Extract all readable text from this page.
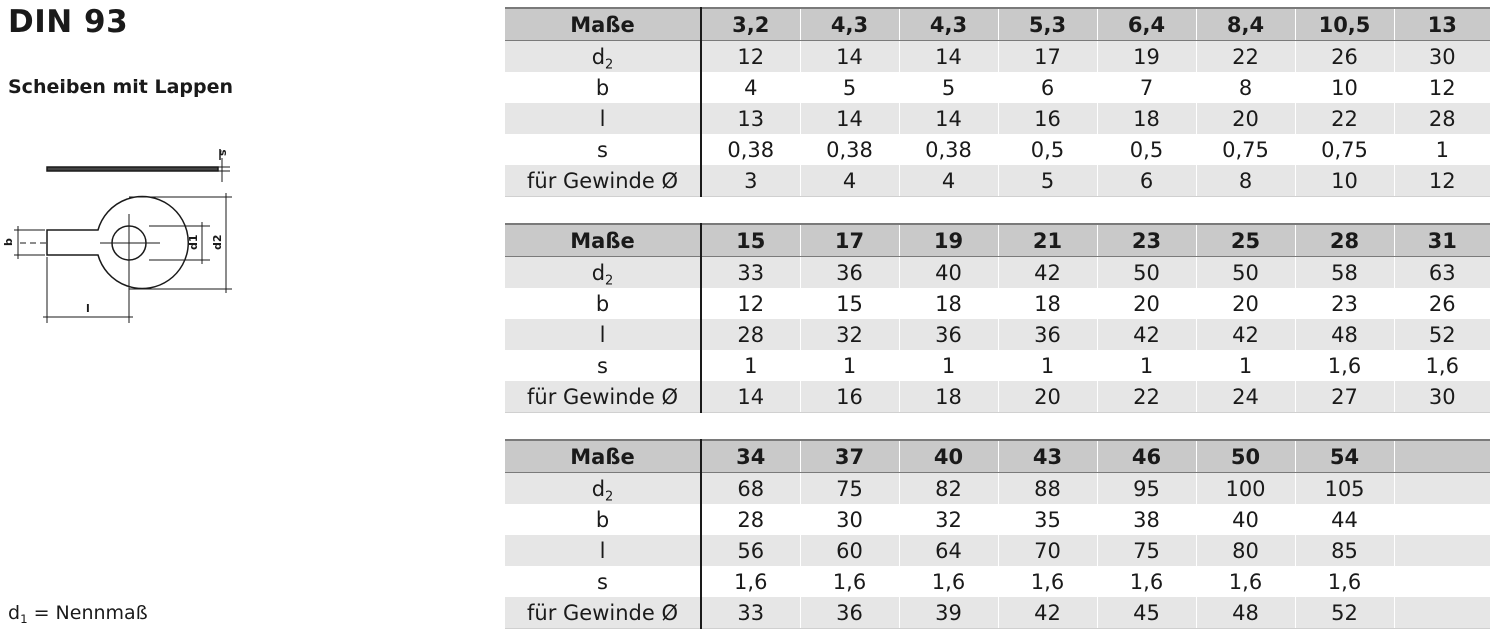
DIN 93
Scheiben mit Lappen
s
b	d1 d2
l
$d_1$ = Nennmaß
Maße	3,2	4,3	4,3	5,3	6,4	8,4	10,5	13
$d_2$	12	14	14	17	19	22	26	30
b	4	5	5	6	7	8	10	12
l	13	14	14	16	18	20	22	28
s	0,38	0,38	0,38	0,5	0,5	0,75	0,75	1
für Gewinde Ø	3	4	4	5	6	8	10	12
Maße	15	17	19	21	23	25	28	31
$d_2$	33	36	40	42	50	50	58	63
b	12	15	18	18	20	20	23	26
l	28	32	36	36	42	42	48	52
s	1	1	1	1	1	1	1,6	1,6
für Gewinde Ø	14	16	18	20	22	24	27	30
Maße	34	37	40	43	46	50	54	
$d_2$	68	75	82	88	95	100	105	
b	28	30	32	35	38	40	44	
l	56	60	64	70	75	80	85	
s	1,6	1,6	1,6	1,6	1,6	1,6	1,6	
für Gewinde Ø	33	36	39	42	45	48	52	
